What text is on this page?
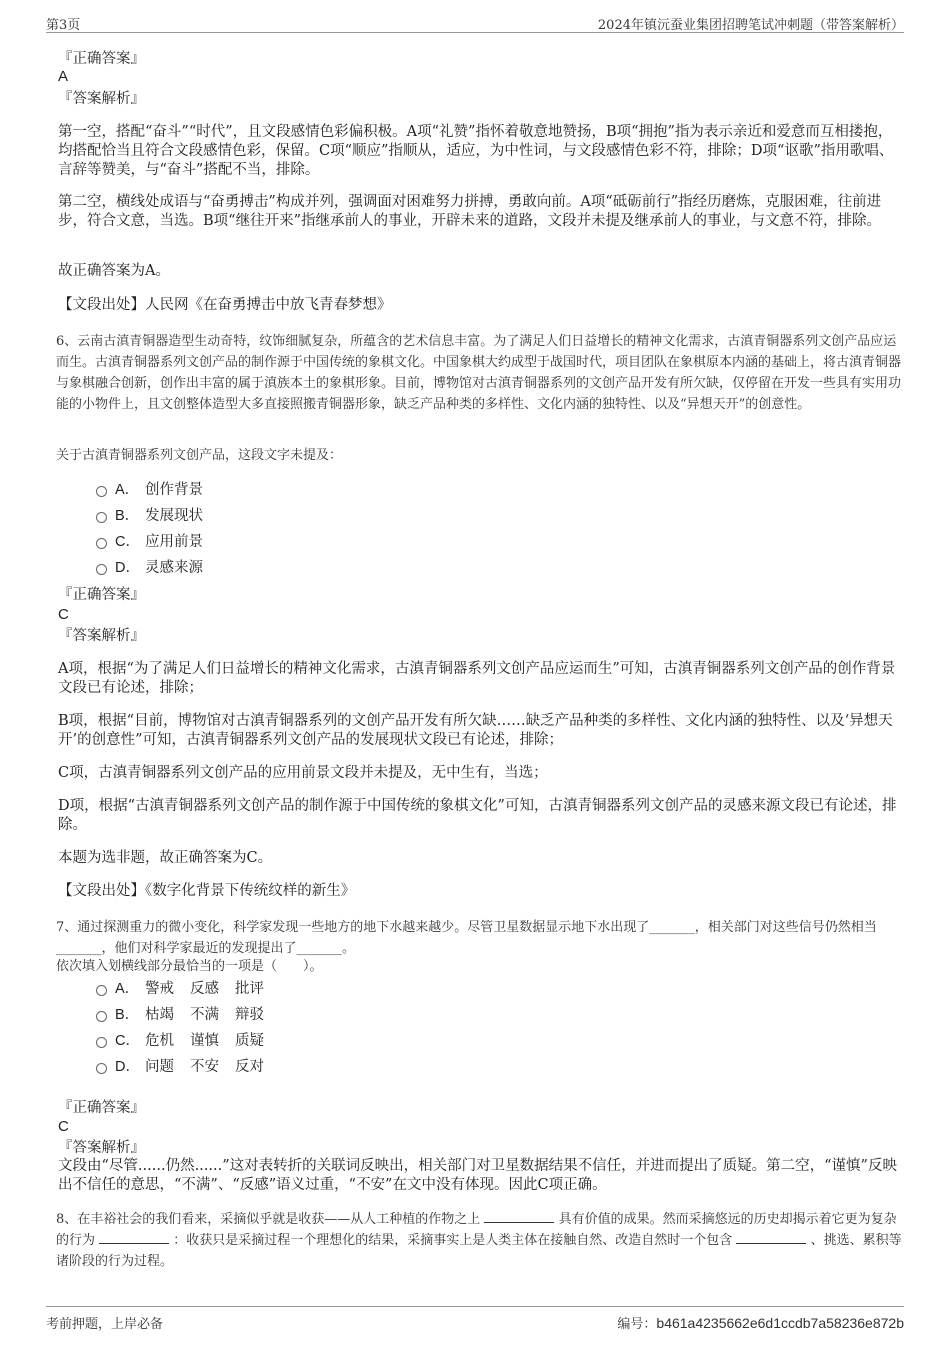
第3页	2024年镇沅蚕业集团招聘笔试冲刺题（带答案解析）
『正确答案』
A
『答案解析』
第一空，搭配“奋斗”“时代”，且文段感情色彩偏积极。A项“礼赞”指怀着敬意地赞扬，B项“拥抱”指为表示亲近和爱意而互相搂抱，均搭配恰当且符合文段感情色彩，保留。C项“顺应”指顺从，适应，为中性词，与文段感情色彩不符，排除；D项“讴歌”指用歌唱、言辞等赞美，与“奋斗”搭配不当，排除。
第二空，横线处成语与“奋勇搏击”构成并列，强调面对困难努力拼搏，勇敢向前。A项“砥砺前行”指经历磨炼，克服困难，往前进步，符合文意，当选。B项“继往开来”指继承前人的事业，开辟未来的道路，文段并未提及继承前人的事业，与文意不符，排除。
故正确答案为A。
【文段出处】人民网《在奋勇搏击中放飞青春梦想》
6、云南古滇青铜器造型生动奇特，纹饰细腻复杂，所蕴含的艺术信息丰富。为了满足人们日益增长的精神文化需求，古滇青铜器系列文创产品应运而生。古滇青铜器系列文创产品的制作源于中国传统的象棋文化。中国象棋大约成型于战国时代，项目团队在象棋原本内涵的基础上，将古滇青铜器与象棋融合创新，创作出丰富的属于滇族本土的象棋形象。目前，博物馆对古滇青铜器系列的文创产品开发有所欠缺，仅停留在开发一些具有实用功能的小物件上，且文创整体造型大多直接照搬青铜器形象，缺乏产品种类的多样性、文化内涵的独特性、以及“异想天开”的创意性。
关于古滇青铜器系列文创产品，这段文字未提及：
A． 创作背景
B． 发展现状
C． 应用前景
D． 灵感来源
『正确答案』
C
『答案解析』
A项，根据“为了满足人们日益增长的精神文化需求，古滇青铜器系列文创产品应运而生”可知，古滇青铜器系列文创产品的创作背景文段已有论述，排除；
B项，根据“目前，博物馆对古滇青铜器系列的文创产品开发有所欠缺……缺乏产品种类的多样性、文化内涵的独特性、以及‘异想天开’的创意性”可知，古滇青铜器系列文创产品的发展现状文段已有论述，排除；
C项，古滇青铜器系列文创产品的应用前景文段并未提及，无中生有，当选；
D项，根据“古滇青铜器系列文创产品的制作源于中国传统的象棋文化”可知，古滇青铜器系列文创产品的灵感来源文段已有论述，排除。
本题为选非题，故正确答案为C。
【文段出处】《数字化背景下传统纹样的新生》
7、通过探测重力的微小变化，科学家发现一些地方的地下水越来越少。尽管卫星数据显示地下水出现了_______，相关部门对这些信号仍然相当_______，他们对科学家最近的发现提出了_______。
依次填入划横线部分最恰当的一项是（　　）。
A． 警戒 反感 批评
B． 枯竭 不满 辩驳
C． 危机 谨慎 质疑
D． 问题 不安 反对
『正确答案』
C
『答案解析』
文段由“尽管......仍然......”这对表转折的关联词反映出，相关部门对卫星数据结果不信任，并进而提出了质疑。第二空，“谨慎”反映出不信任的意思，“不满”、“反感”语义过重，“不安”在文中没有体现。因此C项正确。
8、在丰裕社会的我们看来，采摘似乎就是收获——从人工种植的作物之上	具有价值的成果。然而采摘悠远的历史却揭示着它更为复杂的行为	：收获只是采摘过程一个理想化的结果，采摘事实上是人类主体在接触自然、改造自然时一个包含	、挑选、累积等诸阶段的行为过程。
考前押题，上岸必备	编号：b461a4235662e6d1ccdb7a58236e872b
